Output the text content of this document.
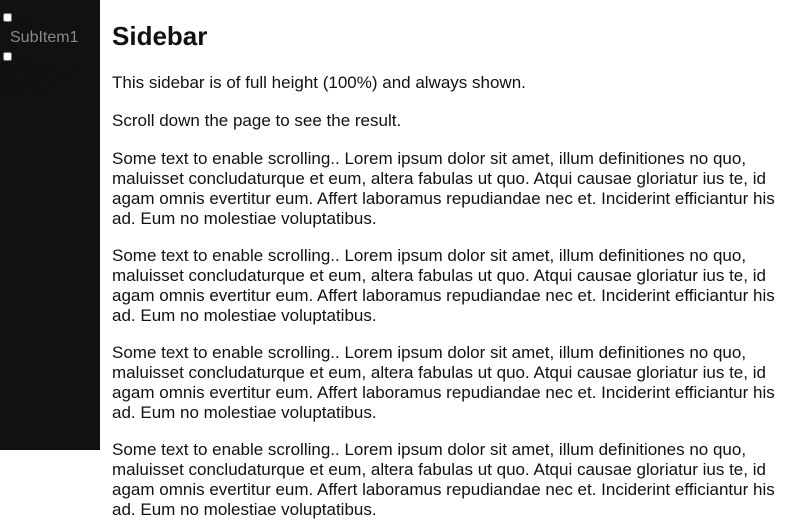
Item1
SubItem1
Item 2
Lorem ipsum dolor sit amet consectetur adipisicing elit. A, in!
Sidebar

This sidebar is of full height (100%) and always shown.

Scroll down the page to see the result.

Some text to enable scrolling.. Lorem ipsum dolor sit amet, illum definitiones no quo, maluisset concludaturque et eum, altera fabulas ut quo. Atqui causae gloriatur ius te, id agam omnis evertitur eum. Affert laboramus repudiandae nec et. Inciderint efficiantur his ad. Eum no molestiae voluptatibus.

Some text to enable scrolling.. Lorem ipsum dolor sit amet, illum definitiones no quo, maluisset concludaturque et eum, altera fabulas ut quo. Atqui causae gloriatur ius te, id agam omnis evertitur eum. Affert laboramus repudiandae nec et. Inciderint efficiantur his ad. Eum no molestiae voluptatibus.

Some text to enable scrolling.. Lorem ipsum dolor sit amet, illum definitiones no quo, maluisset concludaturque et eum, altera fabulas ut quo. Atqui causae gloriatur ius te, id agam omnis evertitur eum. Affert laboramus repudiandae nec et. Inciderint efficiantur his ad. Eum no molestiae voluptatibus.

Some text to enable scrolling.. Lorem ipsum dolor sit amet, illum definitiones no quo, maluisset concludaturque et eum, altera fabulas ut quo. Atqui causae gloriatur ius te, id agam omnis evertitur eum. Affert laboramus repudiandae nec et. Inciderint efficiantur his ad. Eum no molestiae voluptatibus.
